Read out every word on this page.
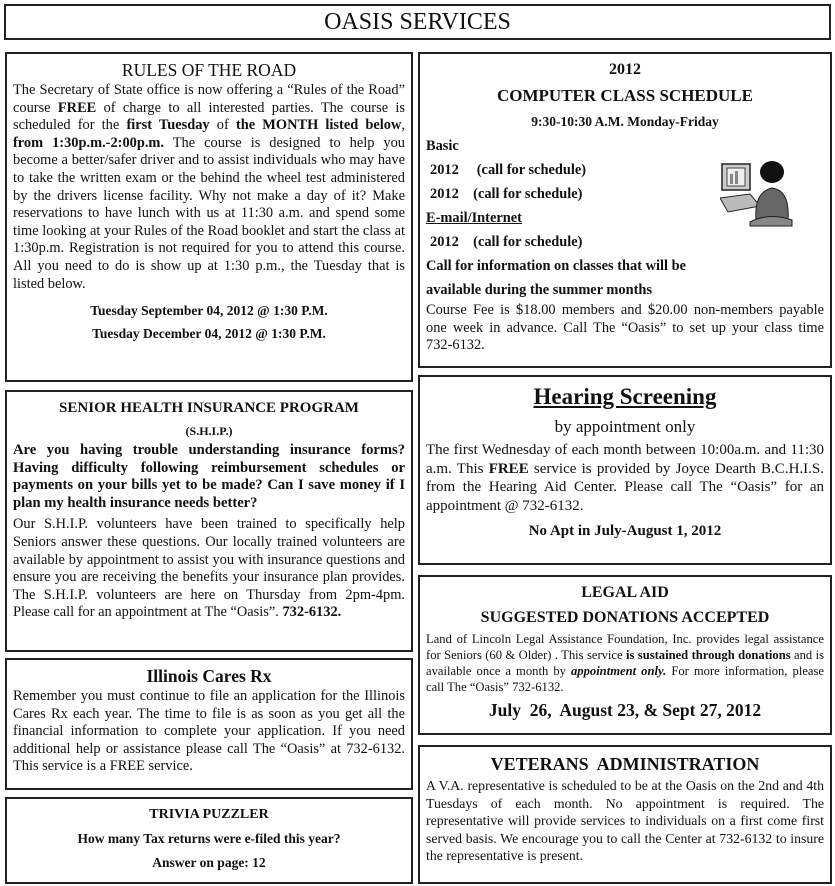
OASIS SERVICES
RULES OF THE ROAD

The Secretary of State office is now offering a “Rules of the Road” course FREE of charge to all interested parties. The course is scheduled for the first Tuesday of the MONTH listed below, from 1:30p.m.-2:00p.m. The course is designed to help you become a better/safer driver and to assist individuals who may have to take the written exam or the behind the wheel test administered by the drivers license facility. Why not make a day of it? Make reservations to have lunch with us at 11:30 a.m. and spend some time looking at your Rules of the Road booklet and start the class at 1:30p.m. Registration is not required for you to attend this course. All you need to do is show up at 1:30 p.m., the Tuesday that is listed below.

Tuesday September 04, 2012 @ 1:30 P.M.
Tuesday December 04, 2012 @ 1:30 P.M.
SENIOR HEALTH INSURANCE PROGRAM
(S.H.I.P.)

Are you having trouble understanding insurance forms? Having difficulty following reimbursement schedules or payments on your bills yet to be made? Can I save money if I plan my health insurance needs better?

Our S.H.I.P. volunteers have been trained to specifically help Seniors answer these questions. Our locally trained volunteers are available by appointment to assist you with insurance questions and ensure you are receiving the benefits your insurance plan provides. The S.H.I.P. volunteers are here on Thursday from 2pm-4pm. Please call for an appointment at The “Oasis”. 732-6132.

Illinois Cares Rx

Remember you must continue to file an application for the Illinois Cares Rx each year. The time to file is as soon as you get all the financial information to complete your application. If you need additional help or assistance please call The “Oasis” at 732-6132. This service is a FREE service.

TRIVIA PUZZLER
How many Tax returns were e-filed this year?
Answer on page: 12
2012
COMPUTER CLASS SCHEDULE
9:30-10:30 A.M. Monday-Friday
Basic
2012     (call for schedule)
2012    (call for schedule)
E-mail/Internet
2012    (call for schedule)
Call for information on classes that will be
available during the summer months

Course Fee is $18.00 members and $20.00 non-members payable one week in advance. Call The “Oasis” to set up your class time 732-6132.

Hearing Screening
by appointment only

The first Wednesday of each month between 10:00a.m. and 11:30 a.m. This FREE service is provided by Joyce Dearth B.C.H.I.S. from the Hearing Aid Center. Please call The “Oasis” for an appointment @ 732-6132.

No Apt in July-August 1, 2012
LEGAL AID
SUGGESTED DONATIONS ACCEPTED

Land of Lincoln Legal Assistance Foundation, Inc. provides legal assistance for Seniors (60 & Older) . This service is sustained through donations and is available once a month by appointment only. For more information, please call The “Oasis” 732-6132.

July  26,  August 23, & Sept 27, 2012
VETERANS  ADMINISTRATION

A V.A. representative is scheduled to be at the Oasis on the 2nd and 4th Tuesdays of each month. No appointment is required. The representative will provide services to individuals on a first come first served basis. We encourage you to call the Center at 732-6132 to insure the representative is present.
